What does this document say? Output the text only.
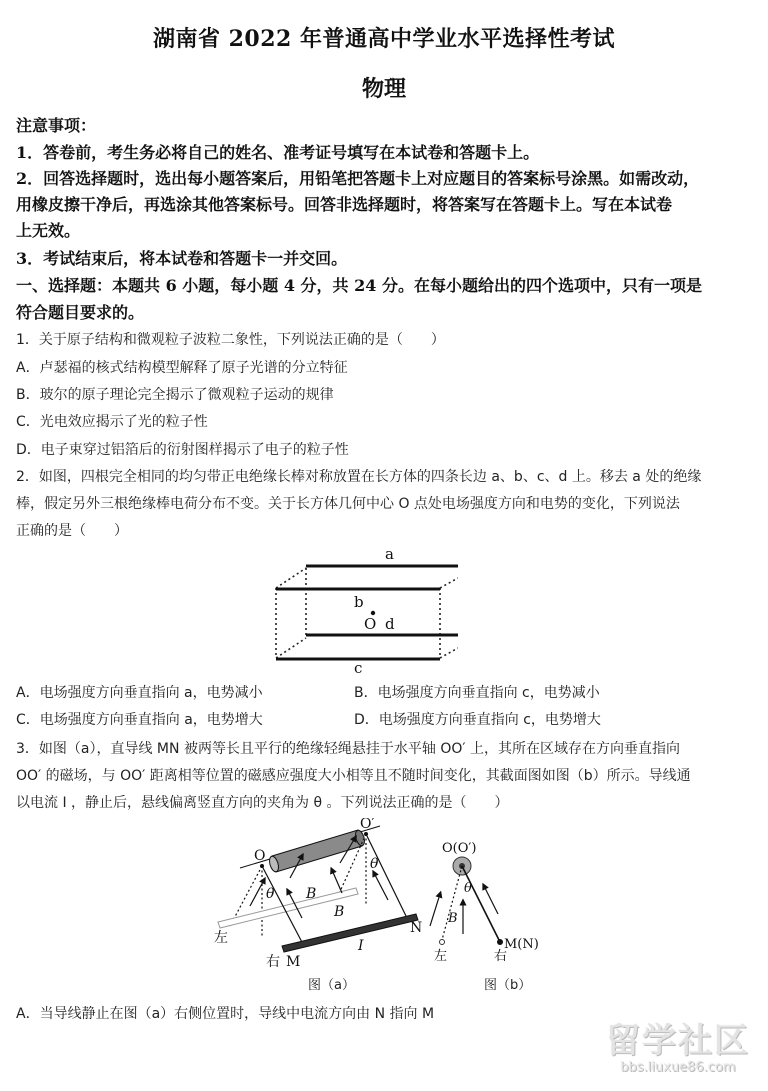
湖南省 2022 年普通高中学业水平选择性考试
物理
注意事项：
1．答卷前，考生务必将自己的姓名、准考证号填写在本试卷和答题卡上。
2．回答选择题时，选出每小题答案后，用铅笔把答题卡上对应题目的答案标号涂黑。如需改动，
用橡皮擦干净后，再选涂其他答案标号。回答非选择题时，将答案写在答题卡上。写在本试卷
上无效。
3．考试结束后，将本试卷和答题卡一并交回。
一、选择题：本题共 6 小题，每小题 4 分，共 24 分。在每小题给出的四个选项中，只有一项是
符合题目要求的。
1．关于原子结构和微观粒子波粒二象性，下列说法正确的是（　　）
A．卢瑟福的核式结构模型解释了原子光谱的分立特征
B．玻尔的原子理论完全揭示了微观粒子运动的规律
C．光电效应揭示了光的粒子性
D．电子束穿过铝箔后的衍射图样揭示了电子的粒子性
2．如图，四根完全相同的均匀带正电绝缘长棒对称放置在长方体的四条长边 a、b、c、d 上。移去 a 处的绝缘
棒，假定另外三根绝缘棒电荷分布不变。关于长方体几何中心 O 点处电场强度方向和电势的变化，下列说法
正确的是（　　）
a
b
O d
c
A．电场强度方向垂直指向 a，电势减小	B．电场强度方向垂直指向 c，电势减小
C．电场强度方向垂直指向 a，电势增大	D．电场强度方向垂直指向 c，电势增大
3．如图（a），直导线 MN 被两等长且平行的绝缘轻绳悬挂于水平轴 OO′ 上，其所在区域存在方向垂直指向
OO′ 的磁场，与 OO′ 距离相等位置的磁感应强度大小相等且不随时间变化，其截面图如图（b）所示。导线通
以电流 I ，静止后，悬线偏离竖直方向的夹角为 θ 。下列说法正确的是（　　）
O
O′
θ
θ
B
B
I
N
M
左
右
图（a）
O(O′)
θ
B
M(N)
左	右
图（b）
A．当导线静止在图（a）右侧位置时，导线中电流方向由 N 指向 M
留学社区
bbs.liuxue86.com
